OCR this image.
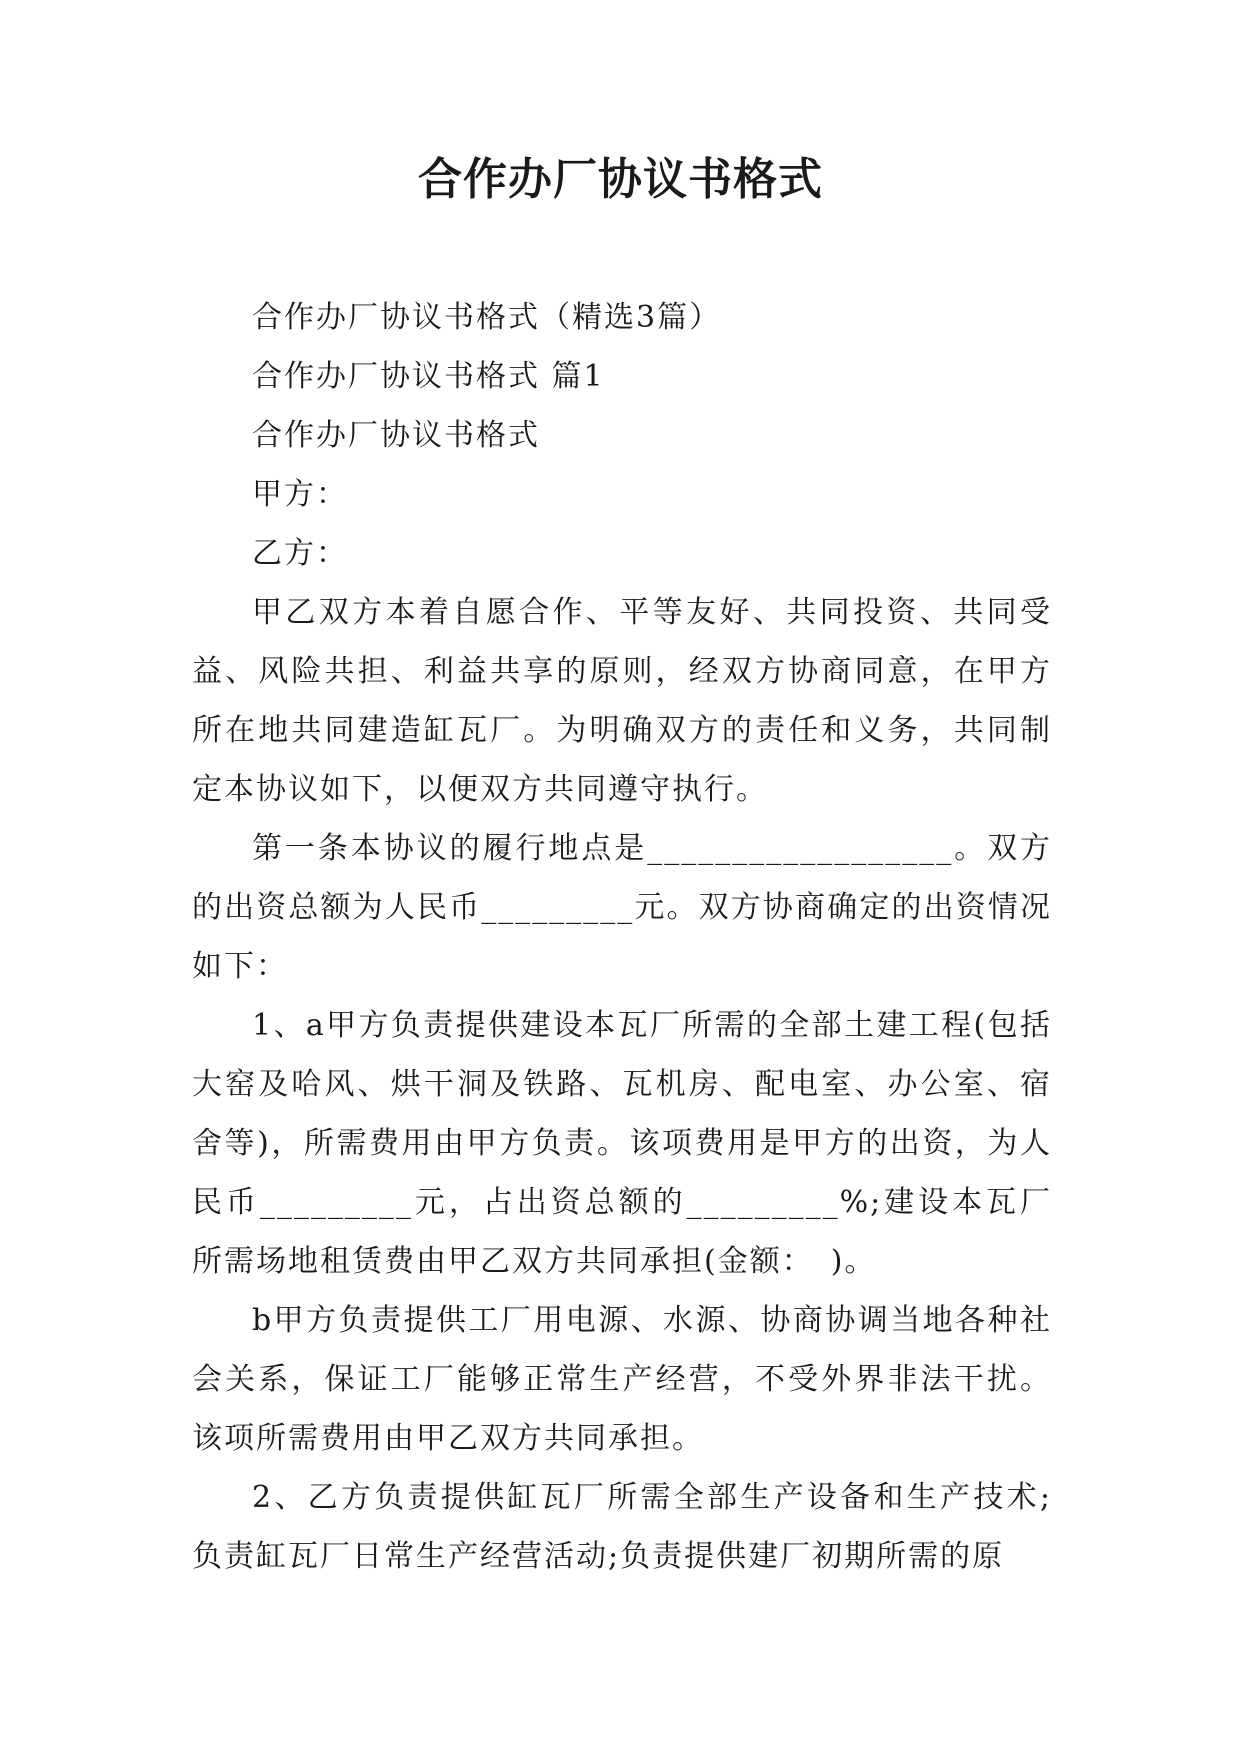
合作办厂协议书格式

合作办厂协议书格式（精选3篇）

合作办厂协议书格式 篇1

合作办厂协议书格式

甲方：

乙方：

甲乙双方本着自愿合作、平等友好、共同投资、共同受益、风险共担、利益共享的原则，经双方协商同意，在甲方所在地共同建造缸瓦厂。为明确双方的责任和义务，共同制定本协议如下，以便双方共同遵守执行。

第一条本协议的履行地点是__________________。双方的出资总额为人民币_________元。双方协商确定的出资情况如下：

1、a甲方负责提供建设本瓦厂所需的全部土建工程(包括大窑及哈风、烘干洞及铁路、瓦机房、配电室、办公室、宿舍等)，所需费用由甲方负责。该项费用是甲方的出资，为人民币_________元，占出资总额的_________%;建设本瓦厂所需场地租赁费由甲乙双方共同承担(金额：　)。

b甲方负责提供工厂用电源、水源、协商协调当地各种社会关系，保证工厂能够正常生产经营，不受外界非法干扰。该项所需费用由甲乙双方共同承担。

2、乙方负责提供缸瓦厂所需全部生产设备和生产技术;负责缸瓦厂日常生产经营活动;负责提供建厂初期所需的原
